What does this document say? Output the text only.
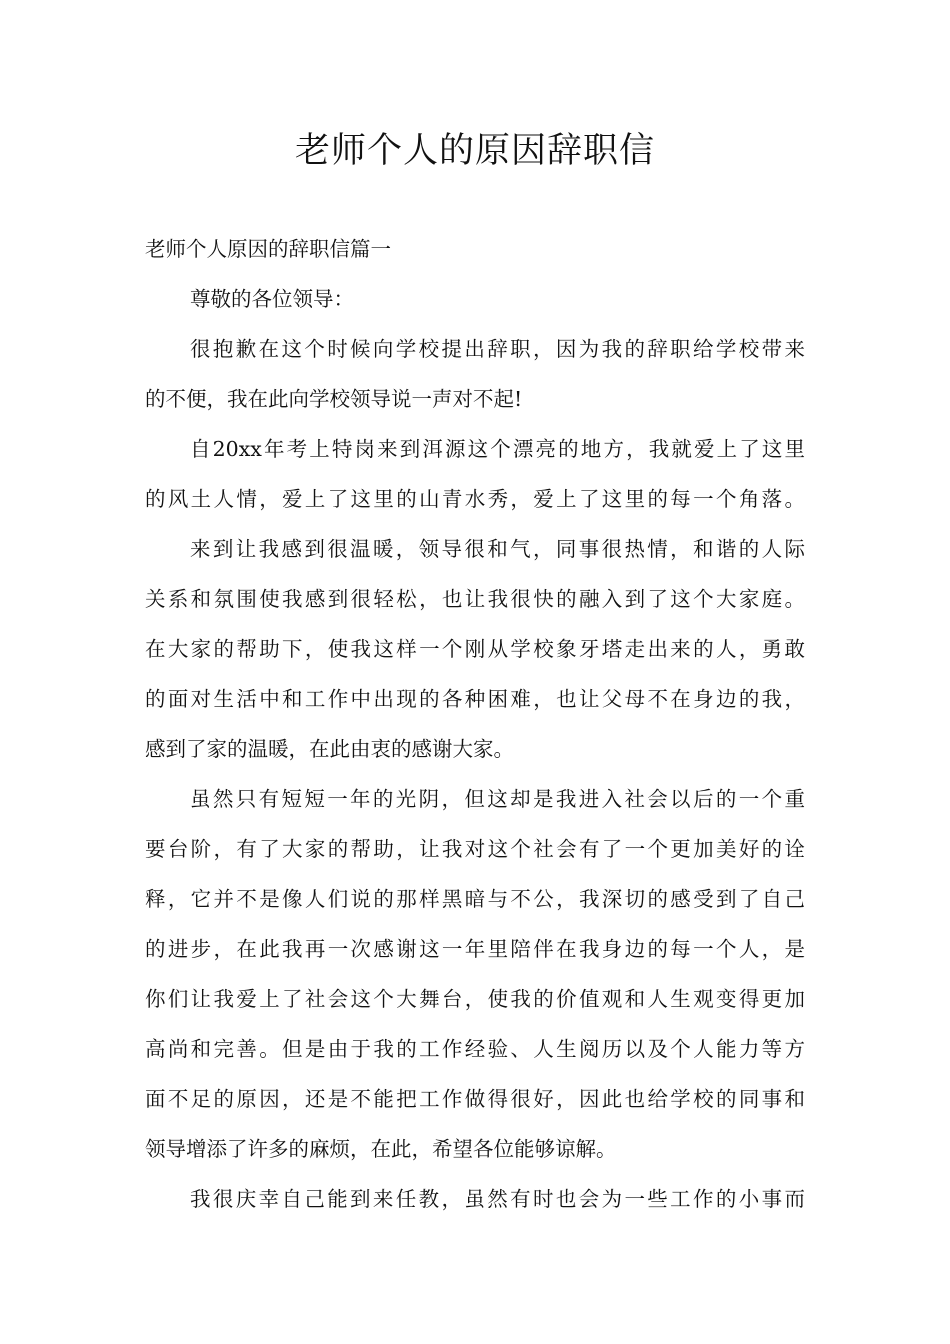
老师个人的原因辞职信
老师个人原因的辞职信篇一
尊敬的各位领导：
很抱歉在这个时候向学校提出辞职，因为我的辞职给学校带来
的不便，我在此向学校领导说一声对不起!
自20xx年考上特岗来到洱源这个漂亮的地方，我就爱上了这里
的风土人情，爱上了这里的山青水秀，爱上了这里的每一个角落。
来到让我感到很温暖，领导很和气，同事很热情，和谐的人际
关系和氛围使我感到很轻松，也让我很快的融入到了这个大家庭。
在大家的帮助下，使我这样一个刚从学校象牙塔走出来的人，勇敢
的面对生活中和工作中出现的各种困难，也让父母不在身边的我，
感到了家的温暖，在此由衷的感谢大家。
虽然只有短短一年的光阴，但这却是我进入社会以后的一个重
要台阶，有了大家的帮助，让我对这个社会有了一个更加美好的诠
释，它并不是像人们说的那样黑暗与不公，我深切的感受到了自己
的进步，在此我再一次感谢这一年里陪伴在我身边的每一个人，是
你们让我爱上了社会这个大舞台，使我的价值观和人生观变得更加
高尚和完善。但是由于我的工作经验、人生阅历以及个人能力等方
面不足的原因，还是不能把工作做得很好，因此也给学校的同事和
领导增添了许多的麻烦，在此，希望各位能够谅解。
我很庆幸自己能到来任教，虽然有时也会为一些工作的小事而
